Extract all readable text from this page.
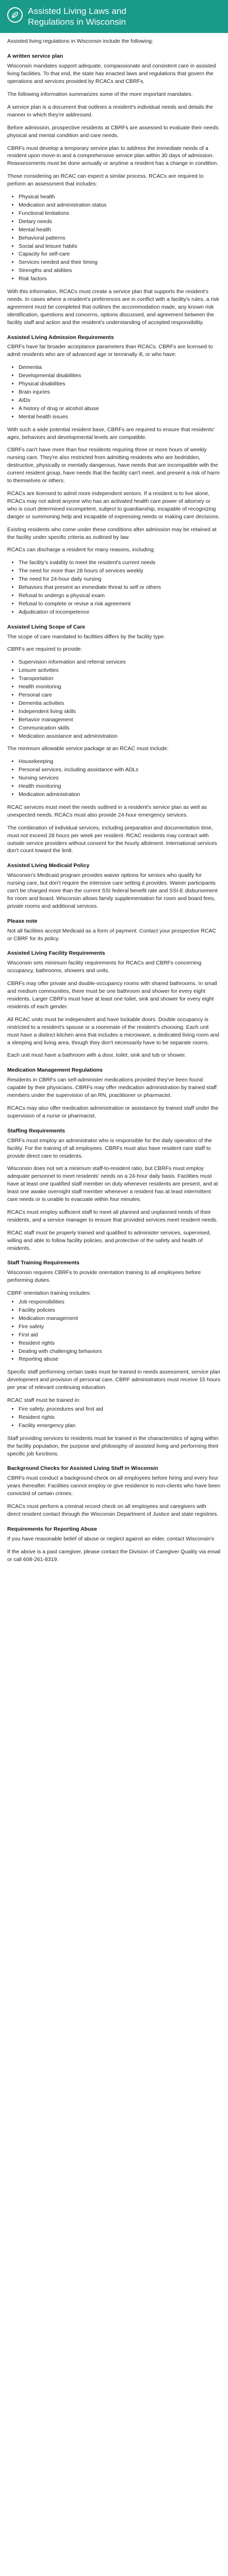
Assisted Living Laws and
Regulations in Wisconsin

Assisted living regulations in Wisconsin include the following:

A written service plan

Wisconsin mandates support adequate, compassionate and consistent care in assisted living facilities. To that end, the state has enacted laws and regulations that govern the operations and services provided by RCACs and CBRFs.

The following information summarizes some of the more important mandates.

A service plan is a document that outlines a resident's individual needs and details the manner in which they're addressed.

Before admission, prospective residents at CBRFs are assessed to evaluate their needs: physical and mental condition and care needs.

CBRFs must develop a temporary service plan to address the immediate needs of a resident upon move-in and a comprehensive service plan within 30 days of admission. Reassessments must be done annually or anytime a resident has a change in condition.

Those considering an RCAC can expect a similar process. RCACs are required to perform an assessment that includes:

• Physical health
• Medication and administration status
• Functional limitations
• Dietary needs
• Mental health
• Behavioral patterns
• Social and leisure habits
• Capacity for self-care
• Services needed and their timing
• Strengths and abilities
• Risk factors

With this information, RCACs must create a service plan that supports the resident's needs. In cases where a resident's preferences are in conflict with a facility's rules, a risk agreement must be completed that outlines the accommodation made, any known risk identification, questions and concerns, options discussed, and agreement between the facility staff and action and the resident's understanding of accepted responsibility.

Assisted Living Admission Requirements

CBRFs have far broader acceptance parameters than RCACs. CBRFs are licensed to admit residents who are of advanced age or terminally ill, or who have:

• Dementia
• Developmental disabilities
• Physical disabilities
• Brain injuries
• AIDs
• A history of drug or alcohol abuse
• Mental health issues

With such a wide potential resident base, CBRFs are required to ensure that residents' ages, behaviors and developmental levels are compatible.

CBRFs can't have more than four residents requiring three or more hours of weekly nursing care. They're also restricted from admitting residents who are bedridden, destructive, physically or mentally dangerous, have needs that are incompatible with the current resident group, have needs that the facility can't meet, and present a risk of harm to themselves or others.

RCACs are licensed to admit more independent seniors. If a resident is to live alone, RCACs may not admit anyone who has an activated health care power of attorney or who is court determined incompetent, subject to guardianship, incapable of recognizing danger or summoning help and incapable of expressing needs or making care decisions.

Existing residents who come under these conditions after admission may be retained at the facility under specific criteria as outlined by law.

RCACs can discharge a resident for many reasons, including:

• The facility's inability to meet the resident's current needs
• The need for more than 28 hours of services weekly
• The need for 24-hour daily nursing
• Behaviors that present an immediate threat to self or others
• Refusal to undergo a physical exam
• Refusal to complete or revise a risk agreement
• Adjudication of incompetence
Assisted Living Scope of Care

The scope of care mandated to facilities differs by the facility type.

CBRFs are required to provide:

• Supervision information and referral services
• Leisure activities
• Transportation
• Health monitoring
• Personal care
• Dementia activities
• Independent living skills
• Behavior management
• Communication skills
• Medication assistance and administration

The minimum allowable service package at an RCAC must include:

• Housekeeping
• Personal services, including assistance with ADLs
• Nursing services
• Health monitoring
• Medication administration

RCAC services must meet the needs outlined in a resident's service plan as well as unexpected needs. RCACs must also provide 24-hour emergency services.

The combination of individual services, including preparation and documentation time, must not exceed 28 hours per week per resident. RCAC residents may contract with outside service providers without consent for the hourly allotment. International services don't count toward the limit.

Assisted Living Medicaid Policy

Wisconsin's Medicaid program provides waiver options for seniors who qualify for nursing care, but don't require the intensive care setting it provides. Waiver participants can't be charged more than the current SSI federal benefit rate and SSI-E disbursement for room and board. Wisconsin allows family supplementation for room and board fees, private rooms and additional services.

Please note

Not all facilities accept Medicaid as a form of payment. Contact your prospective RCAC or CBRF for its policy.

Assisted Living Facility Requirements

Wisconsin sets minimum facility requirements for RCACs and CBRFs concerning occupancy, bathrooms, showers and units.

CBRFs may offer private and double-occupancy rooms with shared bathrooms. In small and medium communities, there must be one bathroom and shower for every eight residents. Larger CBRFs must have at least one toilet, sink and shower for every eight residents of each gender.

All RCAC units must be independent and have lockable doors. Double occupancy is restricted to a resident's spouse or a roommate of the resident's choosing. Each unit must have a distinct kitchen area that includes a microwave, a dedicated living room and a sleeping and living area, though they don't necessarily have to be separate rooms.

Each unit must have a bathroom with a door, toilet, sink and tub or shower.

Medication Management Regulations

Residents in CBRFs can self-administer medications provided they've been found capable by their physicians. CBRFs may offer medication administration by trained staff members under the supervision of an RN, practitioner or pharmacist.

RCACs may also offer medication administration or assistance by trained staff under the supervision of a nurse or pharmacist.

Staffing Requirements

CBRFs must employ an administrator who is responsible for the daily operation of the facility. For the training of all employees. CBRFs must also have resident care staff to provide direct care to residents.

Wisconsin does not set a minimum staff-to-resident ratio, but CBRFs must employ adequate personnel to meet residents' needs on a 24-hour daily basis. Facilities must have at least one qualified staff member on duty whenever residents are present, and at least one awake overnight staff member whenever a resident has at least intermittent care needs or is unable to evacuate within four minutes.

RCACs must employ sufficient staff to meet all planned and unplanned needs of their residents, and a service manager to ensure that provided services meet resident needs.

RCAC staff must be properly trained and qualified to administer services, supervised, willing and able to follow facility policies, and protective of the safety and health of residents.

Staff Training Requirements

Wisconsin requires CBRFs to provide orientation training to all employees before performing duties.

CBRF orientation training includes:

• Job responsibilities
• Facility policies
• Medication management
• Fire safety
• First aid
• Resident rights
• Dealing with challenging behaviors
• Reporting abuse

Specific staff performing certain tasks must be trained in needs assessment, service plan development and provision of personal care. CBRF administrators must receive 15 hours per year of relevant continuing education.

RCAC staff must be trained in:

• Fire safety, procedures and first aid
• Resident rights
• Facility emergency plan

Staff providing services to residents must be trained in the characteristics of aging within the facility population, the purpose and philosophy of assisted living and performing their specific job functions.

Background Checks for Assisted Living Staff in Wisconsin

CBRFs must conduct a background check on all employees before hiring and every four years thereafter. Facilities cannot employ or give residence to non-clients who have been convicted of certain crimes.

RCACs must perform a criminal record check on all employees and caregivers with direct resident contact through the Wisconsin Department of Justice and state registries.

Requirements for Reporting Abuse

If you have reasonable belief of abuse or neglect against an elder, contact Wisconsin's

If the above is a past caregiver, please contact the Division of Caregiver Quality via email or call 608-261-8319.
